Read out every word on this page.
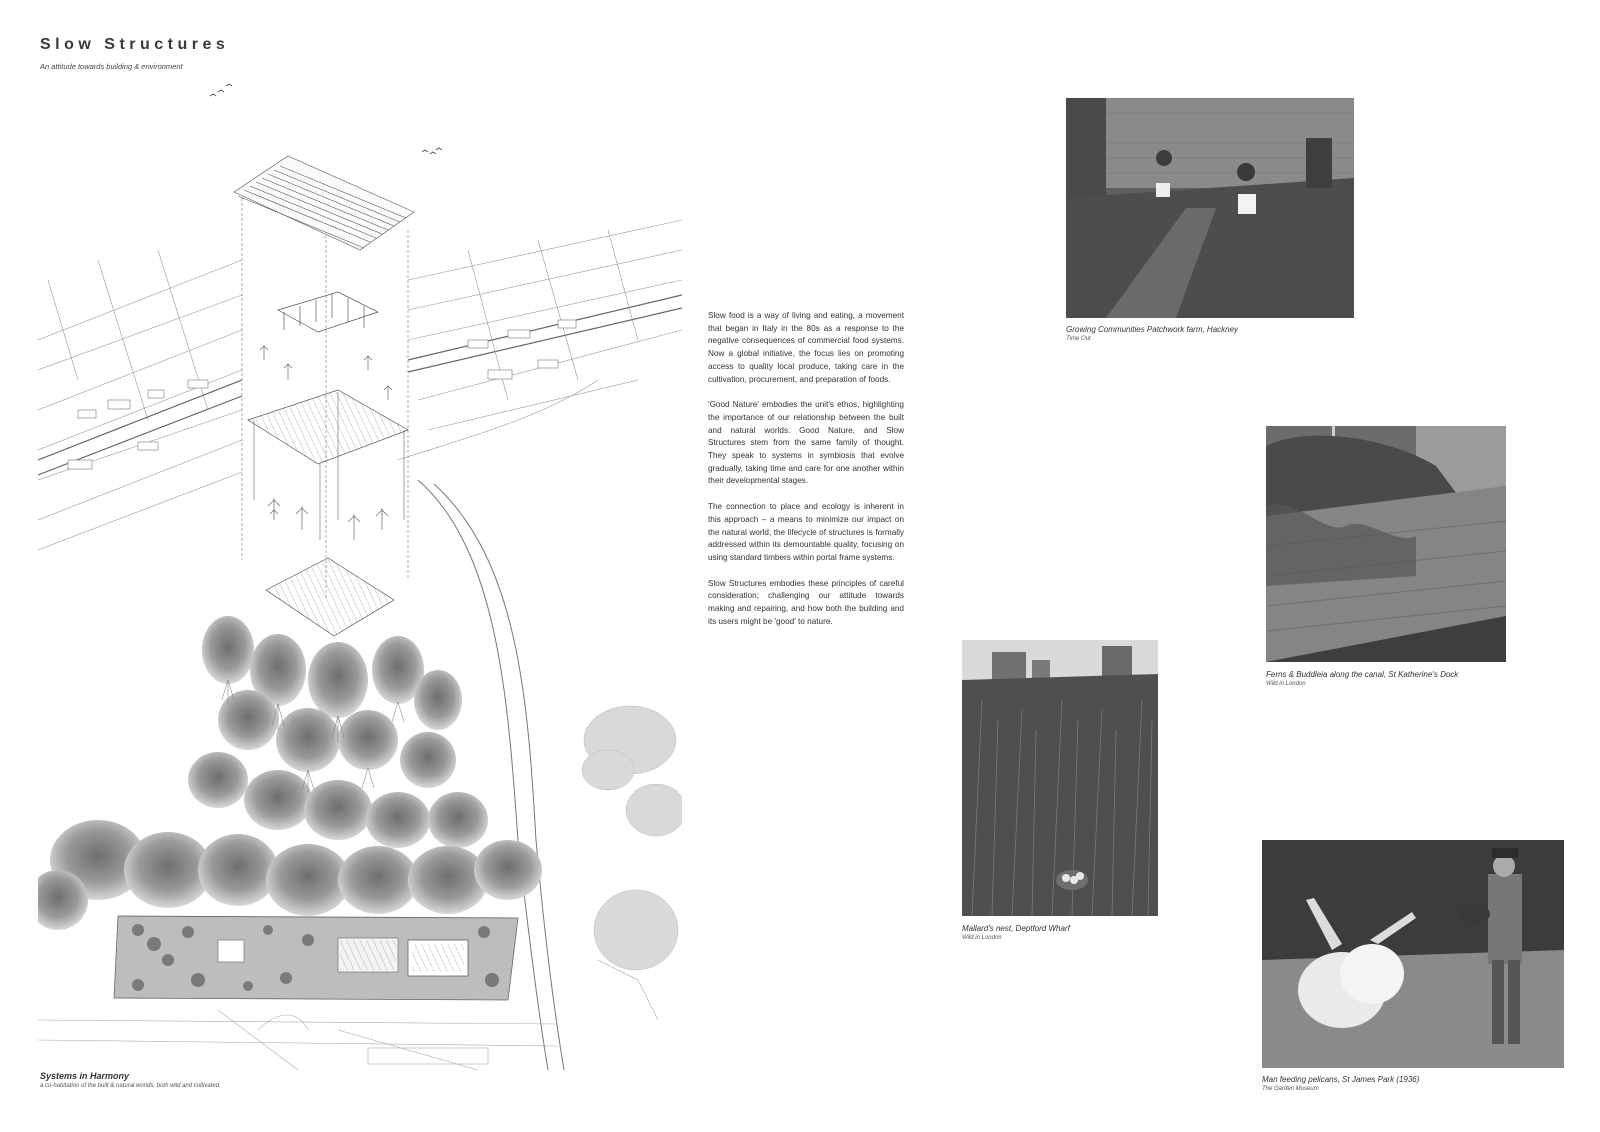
Slow Structures
An attitude towards building & environment
Systems in Harmony
a co-habitation of the built & natural worlds, both wild and cultivated

Slow food is a way of living and eating, a movement that began in Italy in the 80s as a response to the negative consequences of commercial food systems. Now a global initiative, the focus lies on promoting access to quality local produce, taking care in the cultivation, procurement, and preparation of foods.

'Good Nature' embodies the unit's ethos, highlighting the importance of our relationship between the built and natural worlds. Good Nature, and Slow Structures stem from the same family of thought. They speak to systems in symbiosis that evolve gradually, taking time and care for one another within their developmental stages.

The connection to place and ecology is inherent in this approach – a means to minimize our impact on the natural world, the lifecycle of structures is formally addressed within its demountable quality, focusing on using standard timbers within portal frame systems.

Slow Structures embodies these principles of careful consideration; challenging our attitude towards making and repairing, and how both the building and its users might be 'good' to nature.

Growing Communities Patchwork farm, Hackney
Time Out
Ferns & Buddleia along the canal, St Katherine's Dock
Wild in London
Mallard's nest, Deptford Wharf
Wild in London
Man feeding pelicans, St James Park (1936)
The Garden Museum
